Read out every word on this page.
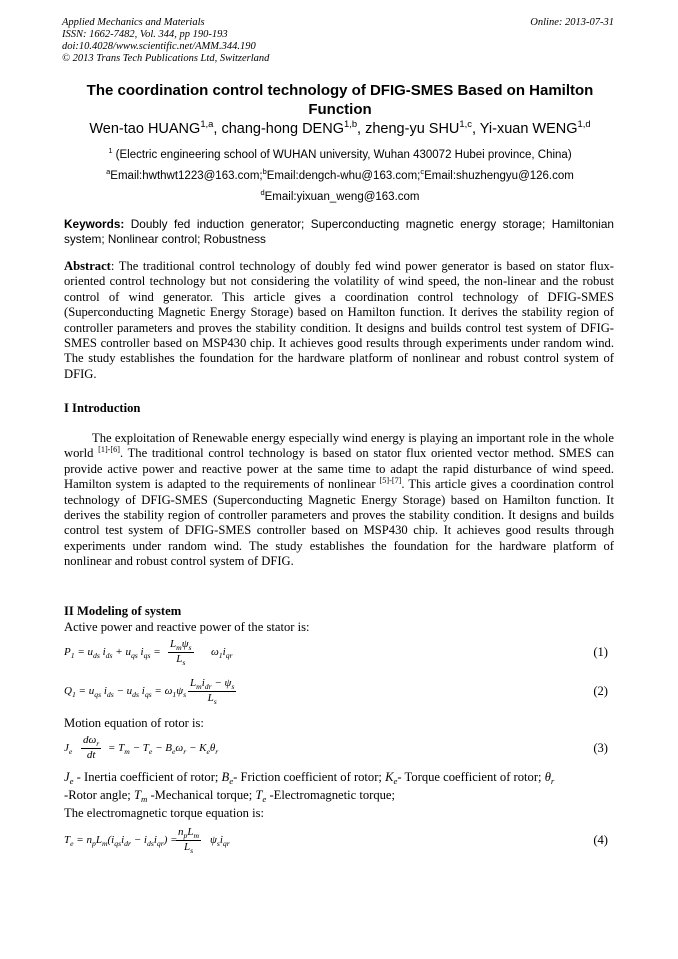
Applied Mechanics and Materials	Online: 2013-07-31
ISSN: 1662-7482, Vol. 344, pp 190-193
doi:10.4028/www.scientific.net/AMM.344.190
© 2013 Trans Tech Publications Ltd, Switzerland
The coordination control technology of DFIG-SMES Based on Hamilton
Function
Wen-tao HUANG$^{1,a}$, chang-hong DENG$^{1,b}$, zheng-yu SHU$^{1,c}$, Yi-xuan WENG$^{1,d}$
$^1$ (Electric engineering school of WUHAN university, Wuhan 430072 Hubei province, China)
$^a$Email:hwthwt1223@163.com;$^b$Email:dengch-whu@163.com;$^c$Email:shuzhengyu@126.com
$^d$Email:yixuan_weng@163.com
Keywords: Doubly fed induction generator; Superconducting magnetic energy storage; Hamiltonian system; Nonlinear control; Robustness
Abstract: The traditional control technology of doubly fed wind power generator is based on stator flux-oriented control technology but not considering the volatility of wind speed, the non-linear and the robust control of wind generator. This article gives a coordination control technology of DFIG-SMES (Superconducting Magnetic Energy Storage) based on Hamilton function. It derives the stability region of controller parameters and proves the stability condition. It designs and builds control test system of DFIG-SMES controller based on MSP430 chip. It achieves good results through experiments under random wind. The study establishes the foundation for the hardware platform of nonlinear and robust control system of DFIG.
I Introduction
The exploitation of Renewable energy especially wind energy is playing an important role in the whole world [1]-[6]. The traditional control technology is based on stator flux oriented vector method. SMES can provide active power and reactive power at the same time to adapt the rapid disturbance of wind speed. Hamilton system is adapted to the requirements of nonlinear [5]-[7]. This article gives a coordination control technology of DFIG-SMES (Superconducting Magnetic Energy Storage) based on Hamilton function. It derives the stability region of controller parameters and proves the stability condition. It designs and builds control test system of DFIG-SMES controller based on MSP430 chip. It achieves good results through experiments under random wind. The study establishes the foundation for the hardware platform of nonlinear and robust control system of DFIG.
II Modeling of system
Active power and reactive power of the stator is:
$P_1 = u_{ds}$ $i_{ds} + u_{qs}$ $i_{qs}$ =
$L_m\psi_s$
$L_s$
$\omega_1i_{qr}$	(1)
$Q_1 = u_{qs}$ $i_{ds} - u_{ds}$ $i_{qs} = \omega_1\psi_s$
$L_mi_{dr} - \psi_s$
$L_s$
(2)
Motion equation of rotor is:
$J_e$
$d\omega_r$
dt
= $T_m - T_e - B_e\omega_r - K_e\theta_r$	(3)
$J_e$ - Inertia coefficient of rotor; $B_e-$ Friction coefficient of rotor; $K_e-$ Torque coefficient of rotor; $\theta_r$
-Rotor angle; $T_m$ -Mechanical torque; $T_e$ -Electromagnetic torque;
The electromagnetic torque equation is:
$T_e = n_pL_m(i_{qs}i_{dr} - i_{ds}i_{qr})$ =
$n_pL_m$
$L_s$
$\psi_si_{qr}$	(4)
